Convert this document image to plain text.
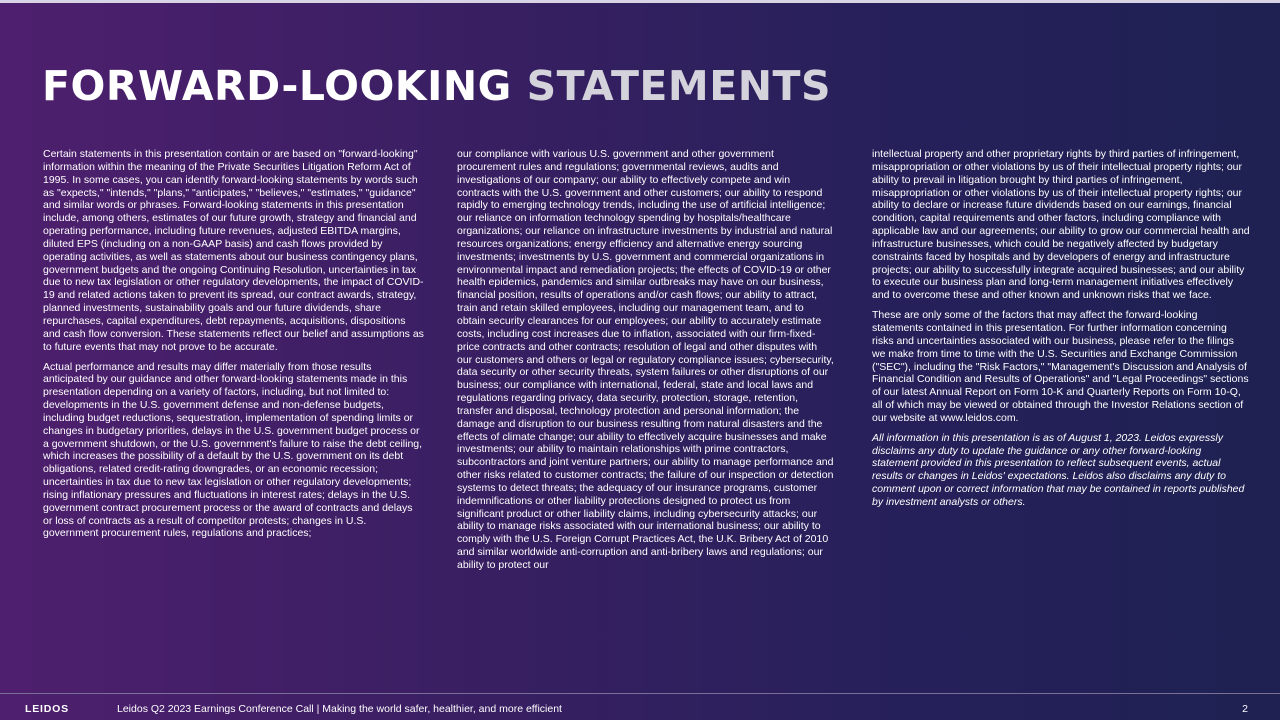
FORWARD-LOOKING STATEMENTS

Certain statements in this presentation contain or are based on "forward-looking" information within the meaning of the Private Securities Litigation Reform Act of 1995. In some cases, you can identify forward-looking statements by words such as "expects," "intends," "plans," "anticipates," "believes," "estimates," "guidance" and similar words or phrases. Forward-looking statements in this presentation include, among others, estimates of our future growth, strategy and financial and operating performance, including future revenues, adjusted EBITDA margins, diluted EPS (including on a non-GAAP basis) and cash flows provided by operating activities, as well as statements about our business contingency plans, government budgets and the ongoing Continuing Resolution, uncertainties in tax due to new tax legislation or other regulatory developments, the impact of COVID-19 and related actions taken to prevent its spread, our contract awards, strategy, planned investments, sustainability goals and our future dividends, share repurchases, capital expenditures, debt repayments, acquisitions, dispositions and cash flow conversion. These statements reflect our belief and assumptions as to future events that may not prove to be accurate.

Actual performance and results may differ materially from those results anticipated by our guidance and other forward-looking statements made in this presentation depending on a variety of factors, including, but not limited to: developments in the U.S. government defense and non-defense budgets, including budget reductions, sequestration, implementation of spending limits or changes in budgetary priorities, delays in the U.S. government budget process or a government shutdown, or the U.S. government's failure to raise the debt ceiling, which increases the possibility of a default by the U.S. government on its debt obligations, related credit-rating downgrades, or an economic recession; uncertainties in tax due to new tax legislation or other regulatory developments; rising inflationary pressures and fluctuations in interest rates; delays in the U.S. government contract procurement process or the award of contracts and delays or loss of contracts as a result of competitor protests; changes in U.S. government procurement rules, regulations and practices;

our compliance with various U.S. government and other government procurement rules and regulations; governmental reviews, audits and investigations of our company; our ability to effectively compete and win contracts with the U.S. government and other customers; our ability to respond rapidly to emerging technology trends, including the use of artificial intelligence; our reliance on information technology spending by hospitals/healthcare organizations; our reliance on infrastructure investments by industrial and natural resources organizations; energy efficiency and alternative energy sourcing investments; investments by U.S. government and commercial organizations in environmental impact and remediation projects; the effects of COVID-19 or other health epidemics, pandemics and similar outbreaks may have on our business, financial position, results of operations and/or cash flows; our ability to attract, train and retain skilled employees, including our management team, and to obtain security clearances for our employees; our ability to accurately estimate costs, including cost increases due to inflation, associated with our firm-fixed-price contracts and other contracts; resolution of legal and other disputes with our customers and others or legal or regulatory compliance issues; cybersecurity, data security or other security threats, system failures or other disruptions of our business; our compliance with international, federal, state and local laws and regulations regarding privacy, data security, protection, storage, retention, transfer and disposal, technology protection and personal information; the damage and disruption to our business resulting from natural disasters and the effects of climate change; our ability to effectively acquire businesses and make investments; our ability to maintain relationships with prime contractors, subcontractors and joint venture partners; our ability to manage performance and other risks related to customer contracts; the failure of our inspection or detection systems to detect threats; the adequacy of our insurance programs, customer indemnifications or other liability protections designed to protect us from significant product or other liability claims, including cybersecurity attacks; our ability to manage risks associated with our international business; our ability to comply with the U.S. Foreign Corrupt Practices Act, the U.K. Bribery Act of 2010 and similar worldwide anti-corruption and anti-bribery laws and regulations; our ability to protect our

intellectual property and other proprietary rights by third parties of infringement, misappropriation or other violations by us of their intellectual property rights; our ability to prevail in litigation brought by third parties of infringement, misappropriation or other violations by us of their intellectual property rights; our ability to declare or increase future dividends based on our earnings, financial condition, capital requirements and other factors, including compliance with applicable law and our agreements; our ability to grow our commercial health and infrastructure businesses, which could be negatively affected by budgetary constraints faced by hospitals and by developers of energy and infrastructure projects; our ability to successfully integrate acquired businesses; and our ability to execute our business plan and long-term management initiatives effectively and to overcome these and other known and unknown risks that we face.

These are only some of the factors that may affect the forward-looking statements contained in this presentation. For further information concerning risks and uncertainties associated with our business, please refer to the filings we make from time to time with the U.S. Securities and Exchange Commission ("SEC"), including the "Risk Factors," "Management's Discussion and Analysis of Financial Condition and Results of Operations" and "Legal Proceedings" sections of our latest Annual Report on Form 10-K and Quarterly Reports on Form 10-Q, all of which may be viewed or obtained through the Investor Relations section of our website at www.leidos.com.

All information in this presentation is as of August 1, 2023. Leidos expressly disclaims any duty to update the guidance or any other forward-looking statement provided in this presentation to reflect subsequent events, actual results or changes in Leidos' expectations. Leidos also disclaims any duty to comment upon or correct information that may be contained in reports published by investment analysts or others.

LEIDOS	Leidos Q2 2023 Earnings Conference Call | Making the world safer, healthier, and more efficient	2
